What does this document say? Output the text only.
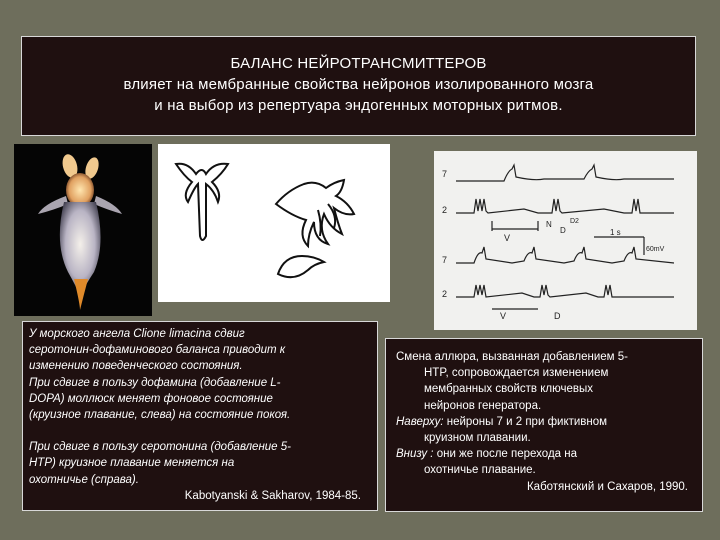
БАЛАНС НЕЙРОТРАНСМИТТЕРОВ
влияет на мембранные свойства нейронов изолированного мозга
и на выбор из репертуара эндогенных моторных ритмов.
7
2
7
2
V
N
D
D2
1 s
60mV
V	D

У морского ангела Clione limacina сдвиг

серотонин-дофаминового баланса приводит к

изменению поведенческого состояния.

При сдвиге в пользу дофамина (добавление L-

DOPA) моллюск меняет фоновое состояние

(круизное плавание, слева) на состояние покоя.

При сдвиге в пользу серотонина (добавление 5-

HTP) круизное плавание меняется на

охотничье (справа).

Kabotyanski & Sakharov, 1984-85.

Смена аллюра, вызванная добавлением 5-

HTP, сопровождается изменением

мембранных свойств ключевых

нейронов генератора.

Наверху: нейроны 7 и 2 при фиктивном

круизном плавании.

Внизу : они же после перехода на

охотничье плавание.

Каботянский и Сахаров, 1990.
